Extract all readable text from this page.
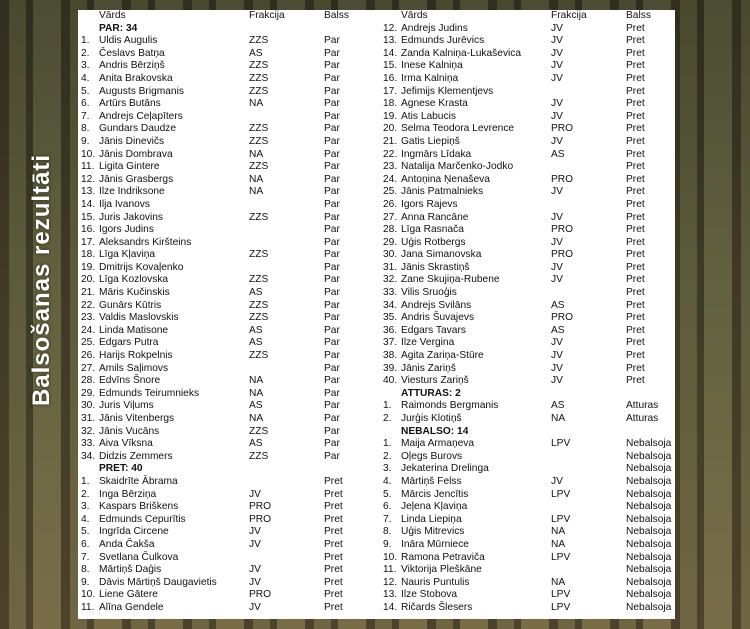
Balsošanas rezultāti
Vārds	Frakcija	Balss
PAR: 34
1. Uldis Augulis	ZZS	Par
2. Česlavs Batņa	AS	Par
3. Andris Bērziņš	ZZS	Par
4. Anita Brakovska	ZZS	Par
5. Augusts Brigmanis	ZZS	Par
6. Artūrs Butāns	NA	Par
7. Andrejs Ceļapīters	Par
8. Gundars Daudze	ZZS	Par
9. Jānis Dinevičs	ZZS	Par
10. Jānis Dombrava	NA	Par
11. Ligita Gintere	ZZS	Par
12. Jānis Grasbergs	NA	Par
13. Ilze Indriksone	NA	Par
14. Ilja Ivanovs	Par
15. Juris Jakovins	ZZS	Par
16. Igors Judins	Par
17. Aleksandrs Kiršteins	Par
18. Līga Kļaviņa	ZZS	Par
19. Dmitrijs Kovaļenko	Par
20. Līga Kozlovska	ZZS	Par
21. Māris Kučinskis	AS	Par
22. Gunārs Kūtris	ZZS	Par
23. Valdis Maslovskis	ZZS	Par
24. Linda Matisone	AS	Par
25. Edgars Putra	AS	Par
26. Harijs Rokpelnis	ZZS	Par
27. Amils Saļimovs	Par
28. Edvīns Šnore	NA	Par
29. Edmunds Teirumnieks	NA	Par
30. Juris Viļums	AS	Par
31. Jānis Vitenbergs	NA	Par
32. Jānis Vucāns	ZZS	Par
33. Aiva Vīksna	AS	Par
34. Didzis Zemmers	ZZS	Par
PRET: 40
1. Skaidrīte Ābrama	Pret
2. Inga Bērziņa	JV	Pret
3. Kaspars Briškens	PRO	Pret
4. Edmunds Cepurītis	PRO	Pret
5. Ingrīda Circene	JV	Pret
6. Anda Čakša	JV	Pret
7. Svetlana Čulkova	Pret
8. Mārtiņš Daģis	JV	Pret
9. Dāvis Mārtiņš Daugavietis	JV	Pret
10. Liene Gātere	PRO	Pret
11. Alīna Gendele	JV	Pret
Vārds	Frakcija	Balss
12. Andrejs Judins	JV	Pret
13. Edmunds Jurēvics	JV	Pret
14. Zanda Kalniņa-Lukaševica	JV	Pret
15. Inese Kalniņa	JV	Pret
16. Irma Kalniņa	JV	Pret
17. Jefimijs Klementjevs	Pret
18. Agnese Krasta	JV	Pret
19. Atis Labucis	JV	Pret
20. Selma Teodora Levrence	PRO	Pret
21. Gatis Liepiņš	JV	Pret
22. Ingmārs Līdaka	AS	Pret
23. Natalija Marčenko-Jodko	Pret
24. Antoņina Ņenaševa	PRO	Pret
25. Jānis Patmalnieks	JV	Pret
26. Igors Rajevs	Pret
27. Anna Rancāne	JV	Pret
28. Līga Rasnača	PRO	Pret
29. Uģis Rotbergs	JV	Pret
30. Jana Simanovska	PRO	Pret
31. Jānis Skrastiņš	JV	Pret
32. Zane Skujiņa-Rubene	JV	Pret
33. Vilis Sruoģis	Pret
34. Andrejs Svilāns	AS	Pret
35. Andris Šuvajevs	PRO	Pret
36. Edgars Tavars	AS	Pret
37. Ilze Vergina	JV	Pret
38. Agita Zariņa-Stūre	JV	Pret
39. Jānis Zariņš	JV	Pret
40. Viesturs Zariņš	JV	Pret
ATTURAS: 2
1. Raimonds Bergmanis	AS	Atturas
2. Jurģis Klotiņš	NA	Atturas
NEBALSO: 14
1. Maija Armaņeva	LPV	Nebalsoja
2. Oļegs Burovs	Nebalsoja
3. Jekaterina Drelinga	Nebalsoja
4. Mārtiņš Felss	JV	Nebalsoja
5. Mārcis Jencītis	LPV	Nebalsoja
6. Jeļena Kļaviņa	Nebalsoja
7. Linda Liepiņa	LPV	Nebalsoja
8. Uģis Mitrevics	NA	Nebalsoja
9. Ināra Mūrniece	NA	Nebalsoja
10. Ramona Petraviča	LPV	Nebalsoja
11. Viktorija Pleškāne	Nebalsoja
12. Nauris Puntulis	NA	Nebalsoja
13. Ilze Stobova	LPV	Nebalsoja
14. Ričards Šlesers	LPV	Nebalsoja
